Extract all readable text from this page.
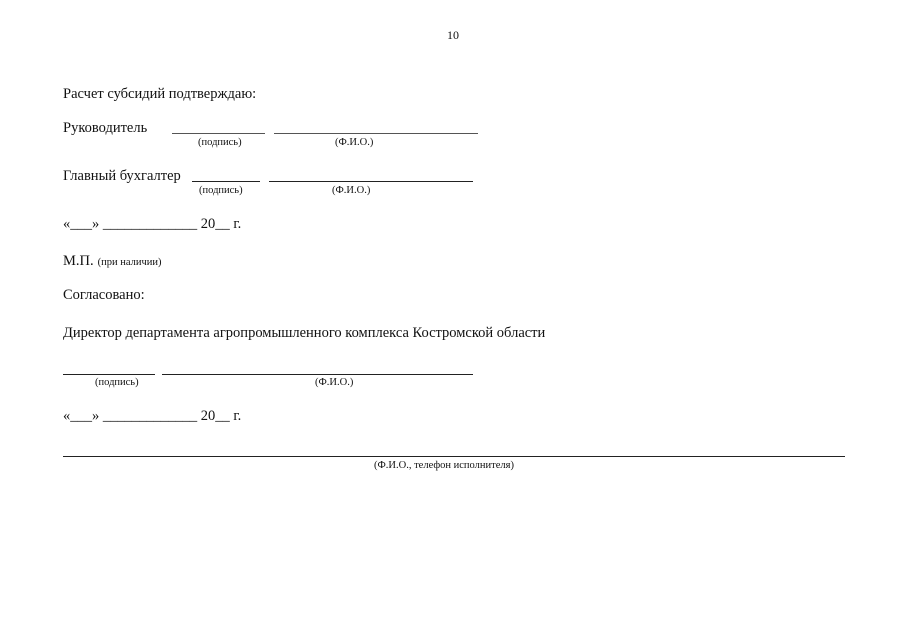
10
Расчет субсидий подтверждаю:
Руководитель
(подпись)	(Ф.И.О.)
Главный бухгалтер
(подпись)	(Ф.И.О.)
«___» _____________ 20__ г.
М.П. (при наличии)
Согласовано:
Директор департамента агропромышленного комплекса Костромской области
(подпись)	(Ф.И.О.)
«___» _____________ 20__ г.
(Ф.И.О., телефон исполнителя)
